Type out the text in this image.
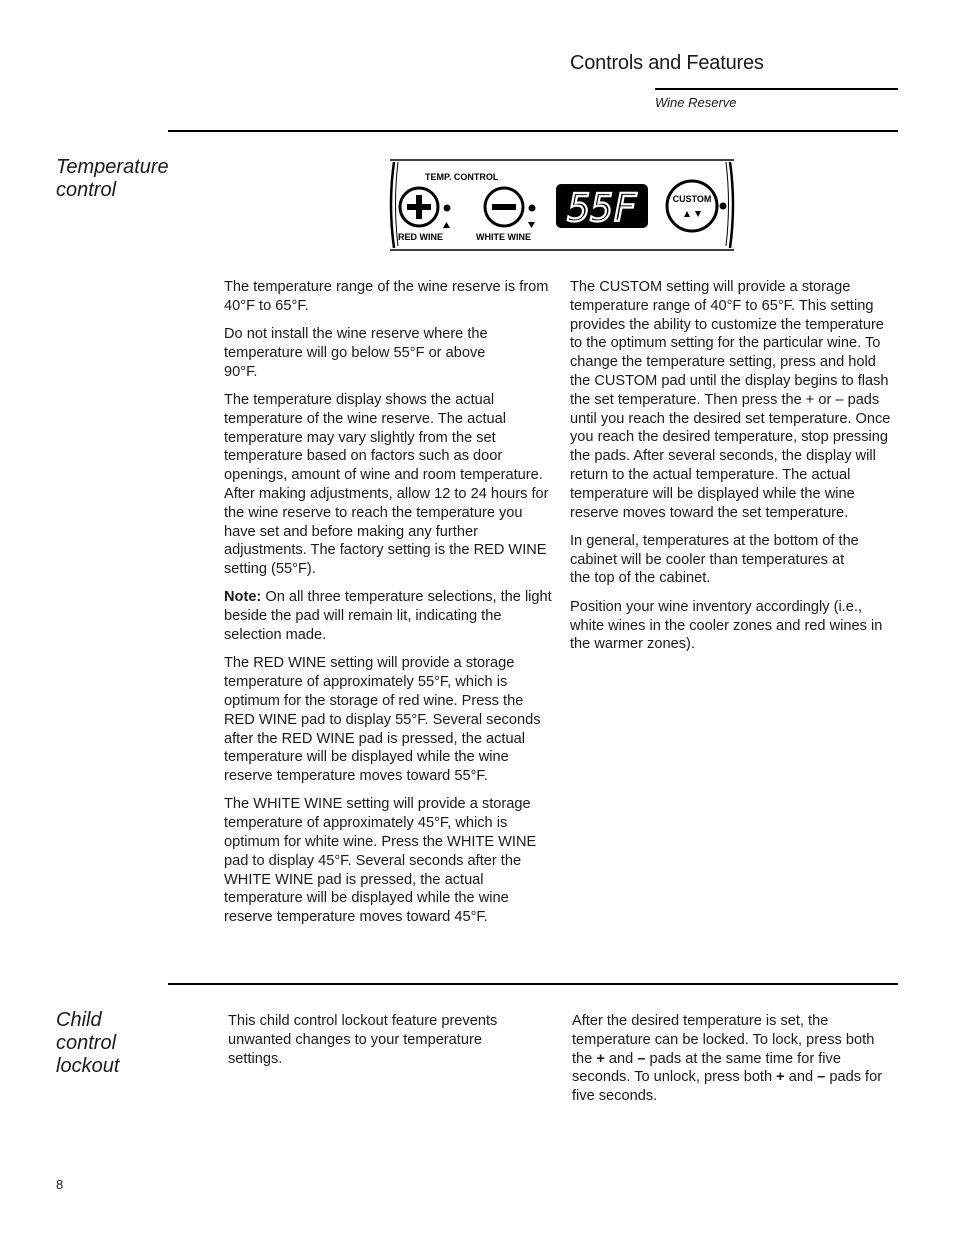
Controls and Features
Wine Reserve
Temperature
control
TEMP. CONTROL
RED WINE	WHITE WINE
55F	CUSTOM

The temperature range of the wine reserve is from 40°F to 65°F.

Do not install the wine reserve where the temperature will go below 55°F or above 90°F.

The temperature display shows the actual temperature of the wine reserve. The actual temperature may vary slightly from the set temperature based on factors such as door openings, amount of wine and room temperature. After making adjustments, allow 12 to 24 hours for the wine reserve to reach the temperature you have set and before making any further adjustments. The factory setting is the RED WINE setting (55°F).

Note: On all three temperature selections, the light beside the pad will remain lit, indicating the selection made.

The RED WINE setting will provide a storage temperature of approximately 55°F, which is optimum for the storage of red wine. Press the RED WINE pad to display 55°F. Several seconds after the RED WINE pad is pressed, the actual temperature will be displayed while the wine reserve temperature moves toward 55°F.

The WHITE WINE setting will provide a storage temperature of approximately 45°F, which is optimum for white wine. Press the WHITE WINE pad to display 45°F. Several seconds after the WHITE WINE pad is pressed, the actual temperature will be displayed while the wine reserve temperature moves toward 45°F.

The CUSTOM setting will provide a storage temperature range of 40°F to 65°F. This setting provides the ability to customize the temperature to the optimum setting for the particular wine. To change the temperature setting, press and hold the CUSTOM pad until the display begins to flash the set temperature. Then press the + or – pads until you reach the desired set temperature. Once you reach the desired temperature, stop pressing the pads. After several seconds, the display will return to the actual temperature. The actual temperature will be displayed while the wine reserve moves toward the set temperature.

In general, temperatures at the bottom of the cabinet will be cooler than temperatures at the top of the cabinet.

Position your wine inventory accordingly (i.e., white wines in the cooler zones and red wines in the warmer zones).

Child
control
lockout

This child control lockout feature prevents unwanted changes to your temperature settings.

After the desired temperature is set, the temperature can be locked. To lock, press both the + and – pads at the same time for five seconds. To unlock, press both + and – pads for five seconds.

8
